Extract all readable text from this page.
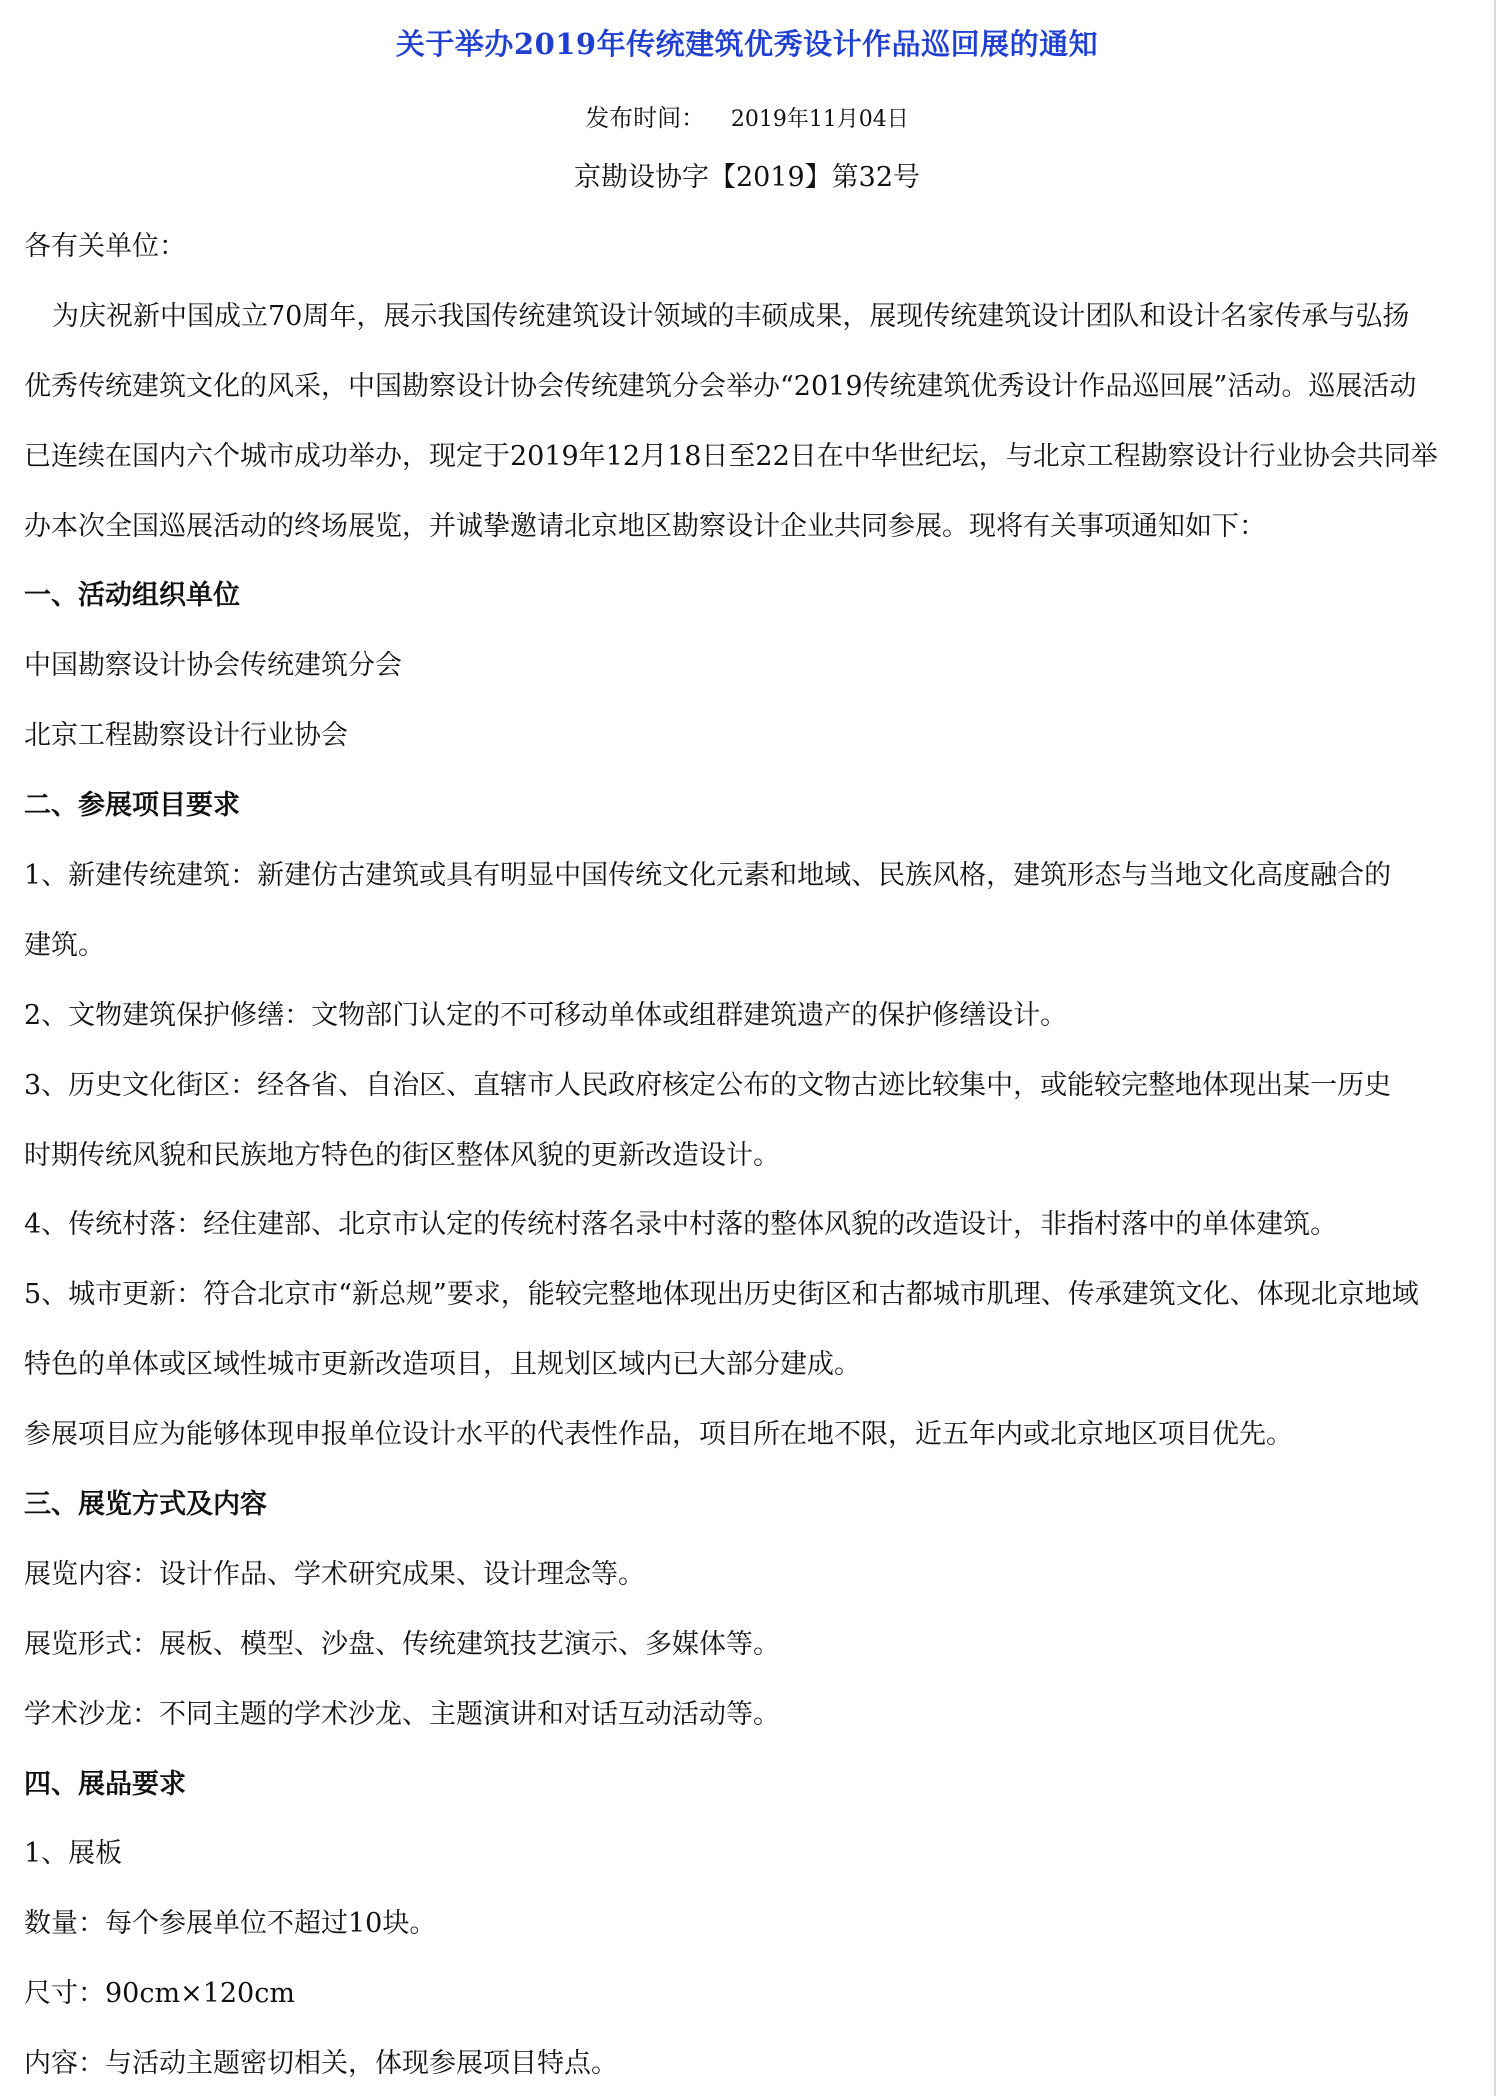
关于举办2019年传统建筑优秀设计作品巡回展的通知
发布时间： 2019年11月04日
京勘设协字【2019】第32号
各有关单位：
为庆祝新中国成立70周年，展示我国传统建筑设计领域的丰硕成果，展现传统建筑设计团队和设计名家传承与弘扬
优秀传统建筑文化的风采，中国勘察设计协会传统建筑分会举办“2019传统建筑优秀设计作品巡回展”活动。巡展活动
已连续在国内六个城市成功举办，现定于2019年12月18日至22日在中华世纪坛，与北京工程勘察设计行业协会共同举
办本次全国巡展活动的终场展览，并诚挚邀请北京地区勘察设计企业共同参展。现将有关事项通知如下：
一、活动组织单位
中国勘察设计协会传统建筑分会
北京工程勘察设计行业协会
二、参展项目要求
1、新建传统建筑：新建仿古建筑或具有明显中国传统文化元素和地域、民族风格，建筑形态与当地文化高度融合的
建筑。
2、文物建筑保护修缮：文物部门认定的不可移动单体或组群建筑遗产的保护修缮设计。
3、历史文化街区：经各省、自治区、直辖市人民政府核定公布的文物古迹比较集中，或能较完整地体现出某一历史
时期传统风貌和民族地方特色的街区整体风貌的更新改造设计。
4、传统村落：经住建部、北京市认定的传统村落名录中村落的整体风貌的改造设计，非指村落中的单体建筑。
5、城市更新：符合北京市“新总规”要求，能较完整地体现出历史街区和古都城市肌理、传承建筑文化、体现北京地域
特色的单体或区域性城市更新改造项目，且规划区域内已大部分建成。
参展项目应为能够体现申报单位设计水平的代表性作品，项目所在地不限，近五年内或北京地区项目优先。
三、展览方式及内容
展览内容：设计作品、学术研究成果、设计理念等。
展览形式：展板、模型、沙盘、传统建筑技艺演示、多媒体等。
学术沙龙：不同主题的学术沙龙、主题演讲和对话互动活动等。
四、展品要求
1、展板
数量：每个参展单位不超过10块。
尺寸：90cm×120cm
内容：与活动主题密切相关，体现参展项目特点。
